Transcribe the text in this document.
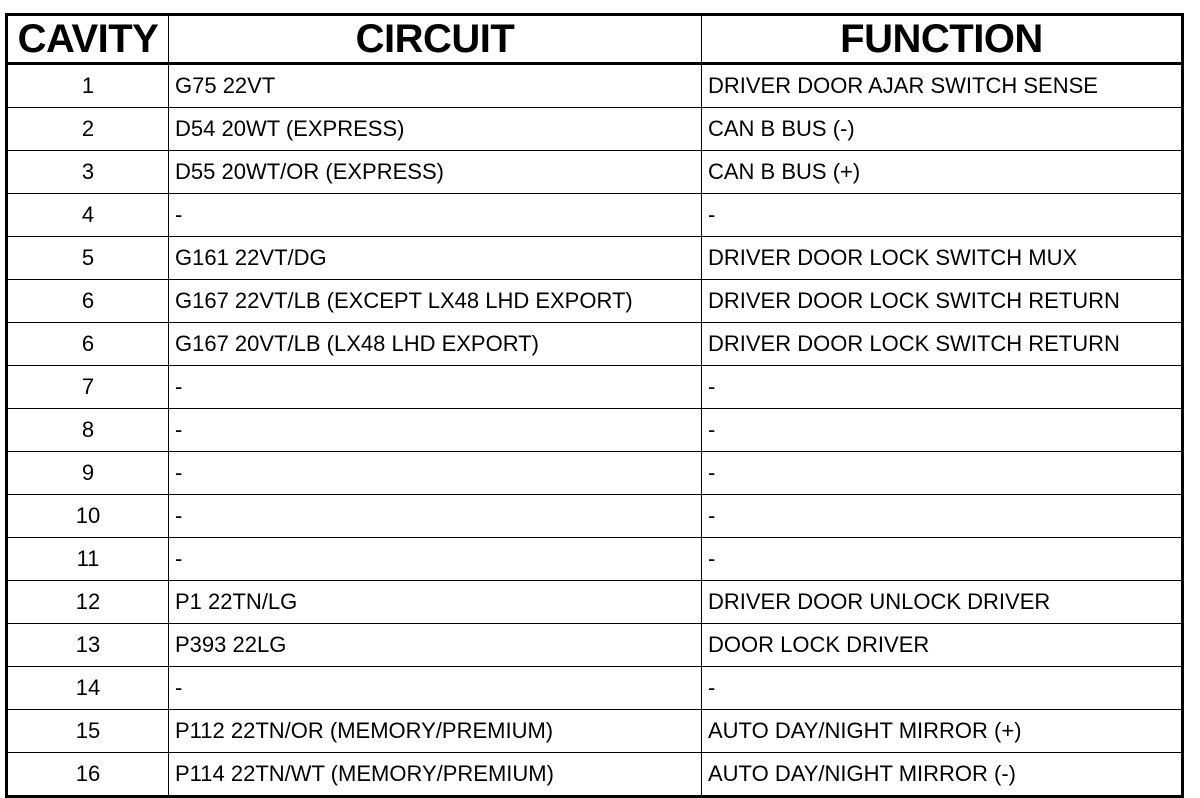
CAVITY	CIRCUIT	FUNCTION
1	G75 22VT	DRIVER DOOR AJAR SWITCH SENSE
2	D54 20WT (EXPRESS)	CAN B BUS (-)
3	D55 20WT/OR (EXPRESS)	CAN B BUS (+)
4	-	-
5	G161 22VT/DG	DRIVER DOOR LOCK SWITCH MUX
6	G167 22VT/LB (EXCEPT LX48 LHD EXPORT)	DRIVER DOOR LOCK SWITCH RETURN
6	G167 20VT/LB (LX48 LHD EXPORT)	DRIVER DOOR LOCK SWITCH RETURN
7	-	-
8	-	-
9	-	-
10	-	-
11	-	-
12	P1 22TN/LG	DRIVER DOOR UNLOCK DRIVER
13	P393 22LG	DOOR LOCK DRIVER
14	-	-
15	P112 22TN/OR (MEMORY/PREMIUM)	AUTO DAY/NIGHT MIRROR (+)
16	P114 22TN/WT (MEMORY/PREMIUM)	AUTO DAY/NIGHT MIRROR (-)
